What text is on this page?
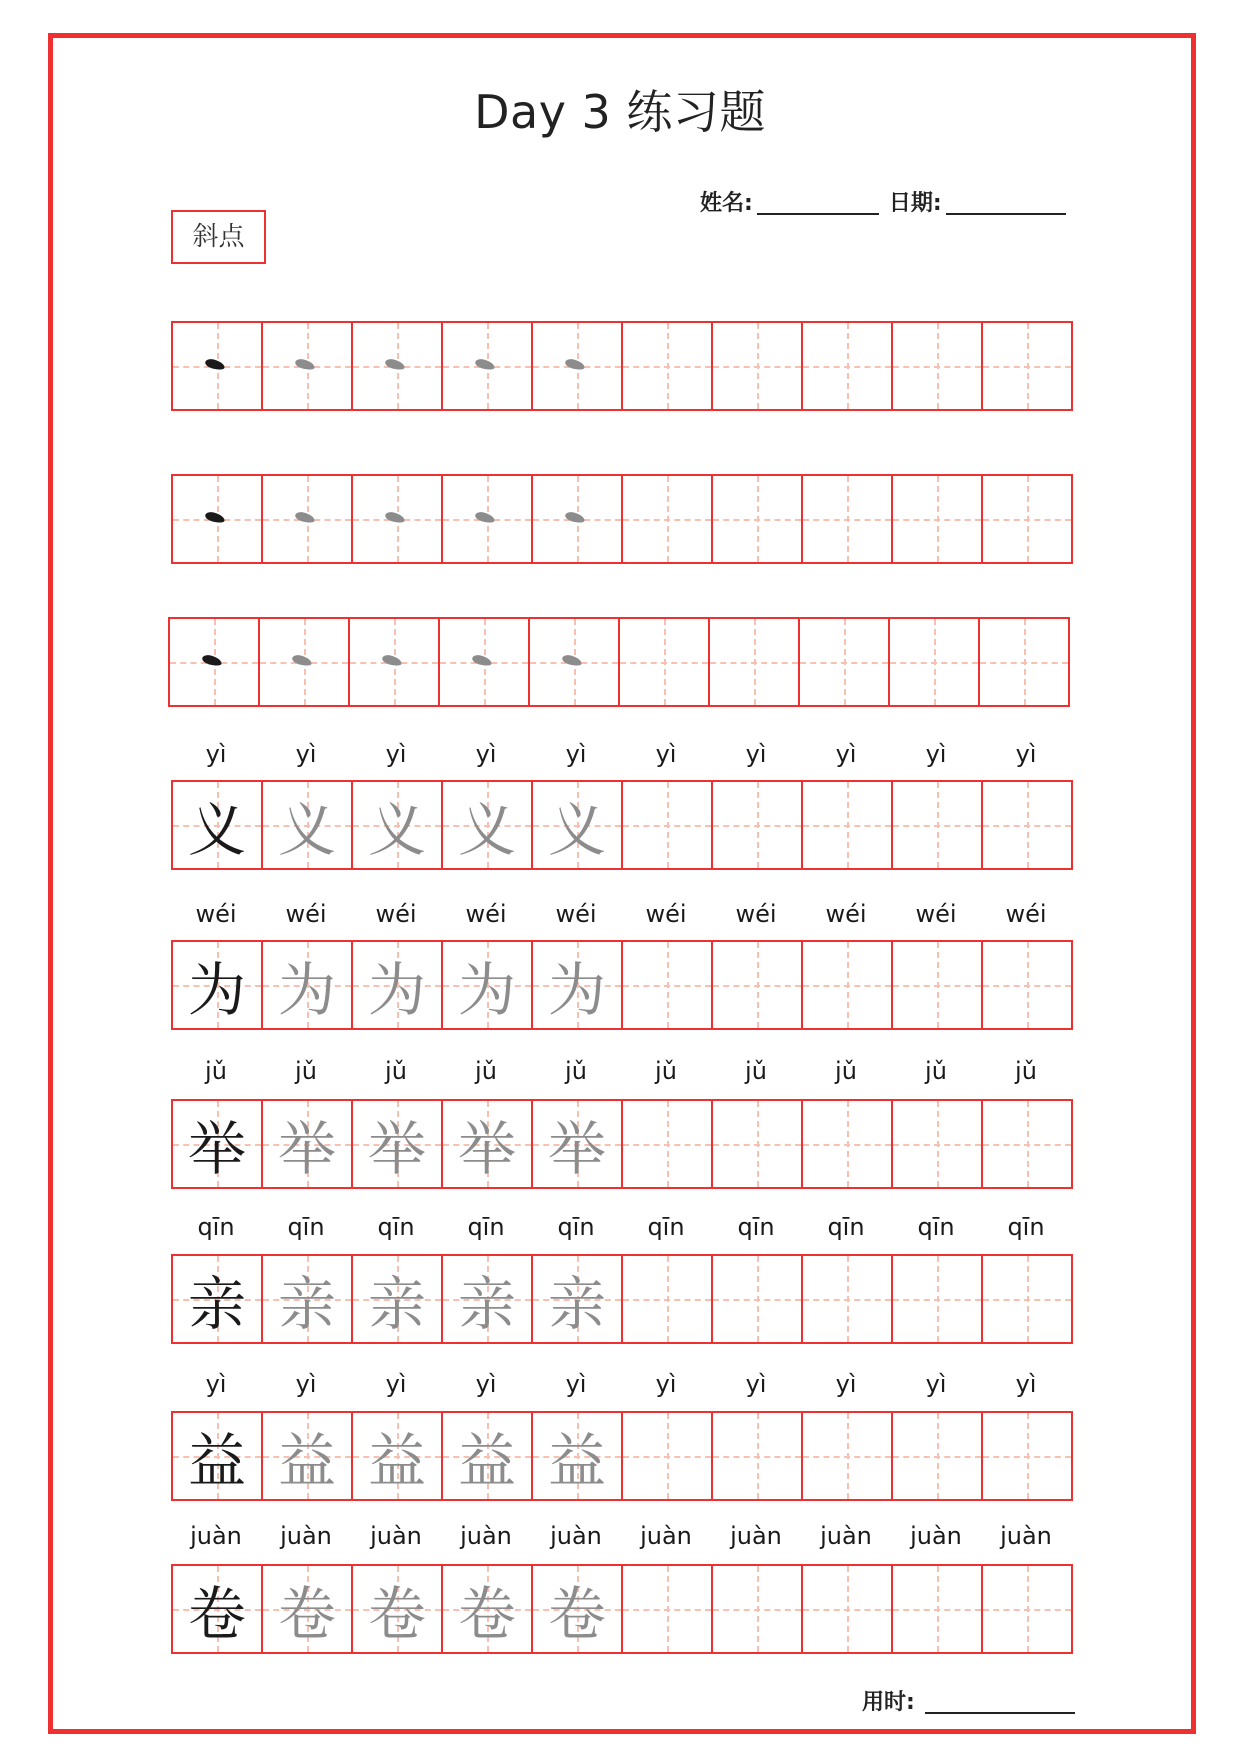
Day 3 练习题
姓名:	日期:
斜点
yì	yì	yì	yì	yì	yì	yì	yì	yì	yì
义 义 义 义 义
wéi	wéi	wéi	wéi	wéi	wéi	wéi	wéi	wéi	wéi
为 为 为 为 为
jǔ	jǔ	jǔ	jǔ	jǔ	jǔ	jǔ	jǔ	jǔ	jǔ
举 举 举 举 举
qīn	qīn	qīn	qīn	qīn	qīn	qīn	qīn	qīn	qīn
亲 亲 亲 亲 亲
yì	yì	yì	yì	yì	yì	yì	yì	yì	yì
益 益 益 益 益
juàn	juàn	juàn	juàn	juàn	juàn	juàn	juàn	juàn	juàn
卷 卷 卷 卷 卷
用时:
